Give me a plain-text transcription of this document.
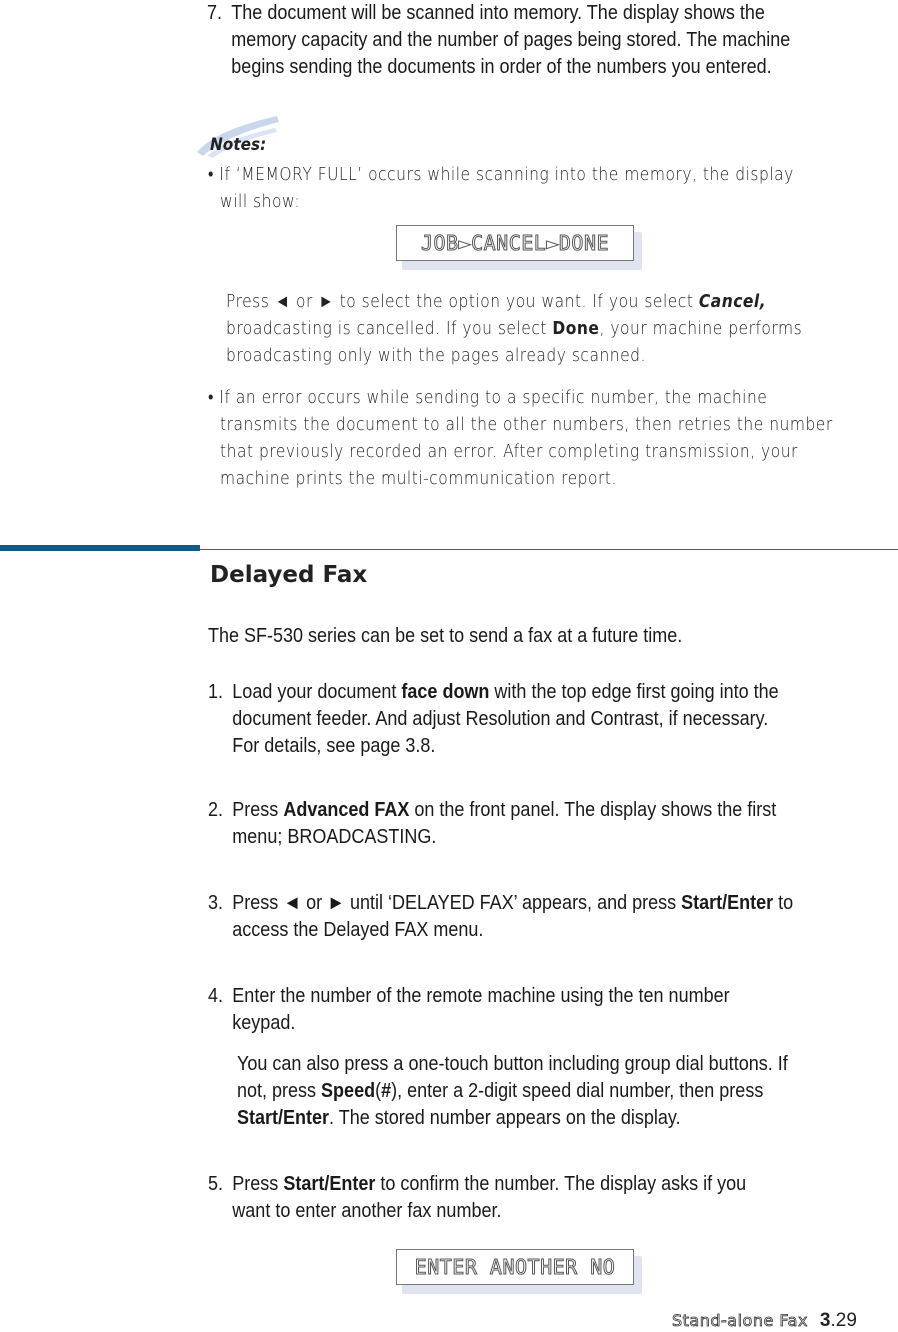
7. The document will be scanned into memory. The display shows the
memory capacity and the number of pages being stored. The machine
begins sending the documents in order of the numbers you entered.
Notes:
• If ‘MEMORY FULL’ occurs while scanning into the memory, the display
will show:
JOB►CANCEL►DONE
Press ◄ or ► to select the option you want. If you select Cancel,
broadcasting is cancelled. If you select Done, your machine performs
broadcasting only with the pages already scanned.
• If an error occurs while sending to a specific number, the machine
transmits the document to all the other numbers, then retries the number
that previously recorded an error. After completing transmission, your
machine prints the multi-communication report.
Delayed Fax
The SF-530 series can be set to send a fax at a future time.
1. Load your document face down with the top edge first going into the
document feeder. And adjust Resolution and Contrast, if necessary.
For details, see page 3.8.
2. Press Advanced FAX on the front panel. The display shows the first
menu; BROADCASTING.
3. Press ◄ or ► until ‘DELAYED FAX’ appears, and press Start/Enter to
access the Delayed FAX menu.
4. Enter the number of the remote machine using the ten number
keypad.
You can also press a one-touch button including group dial buttons. If
not, press Speed(#), enter a 2-digit speed dial number, then press
Start/Enter. The stored number appears on the display.
5. Press Start/Enter to confirm the number. The display asks if you
want to enter another fax number.
ENTER ANOTHER NO
Stand-alone Fax 3 .29
